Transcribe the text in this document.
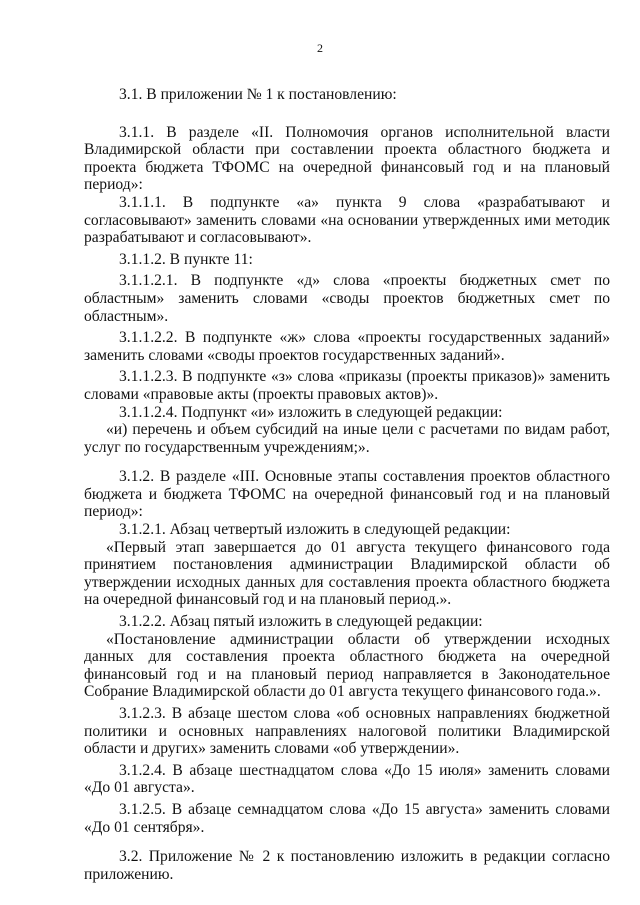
2

3.1. В приложении № 1 к постановлению:

3.1.1. В разделе «II. Полномочия органов исполнительной власти Владимирской области при составлении проекта областного бюджета и проекта бюджета ТФОМС на очередной финансовый год и на плановый период»:

3.1.1.1. В подпункте «а» пункта 9 слова «разрабатывают и согласовывают» заменить словами «на основании утвержденных ими методик разрабатывают и согласовывают».

3.1.1.2. В пункте 11:

3.1.1.2.1. В подпункте «д» слова «проекты бюджетных смет по областным» заменить словами «своды проектов бюджетных смет по областным».

3.1.1.2.2. В подпункте «ж» слова «проекты государственных заданий» заменить словами «своды проектов государственных заданий».

3.1.1.2.3. В подпункте «з» слова «приказы (проекты приказов)» заменить словами «правовые акты (проекты правовых актов)».

3.1.1.2.4. Подпункт «и» изложить в следующей редакции:

«и) перечень и объем субсидий на иные цели с расчетами по видам работ, услуг по государственным учреждениям;».

3.1.2. В разделе «III. Основные этапы составления проектов областного бюджета и бюджета ТФОМС на очередной финансовый год и на плановый период»:

3.1.2.1. Абзац четвертый изложить в следующей редакции:

«Первый этап завершается до 01 августа текущего финансового года принятием постановления администрации Владимирской области об утверждении исходных данных для составления проекта областного бюджета на очередной финансовый год и на плановый период.».

3.1.2.2. Абзац пятый изложить в следующей редакции:

«Постановление администрации области об утверждении исходных данных для составления проекта областного бюджета на очередной финансовый год и на плановый период направляется в Законодательное Собрание Владимирской области до 01 августа текущего финансового года.».

3.1.2.3. В абзаце шестом слова «об основных направлениях бюджетной политики и основных направлениях налоговой политики Владимирской области и других» заменить словами «об утверждении».

3.1.2.4. В абзаце шестнадцатом слова «До 15 июля» заменить словами «До 01 августа».

3.1.2.5. В абзаце семнадцатом слова «До 15 августа» заменить словами «До 01 сентября».

3.2. Приложение № 2 к постановлению изложить в редакции согласно приложению.
